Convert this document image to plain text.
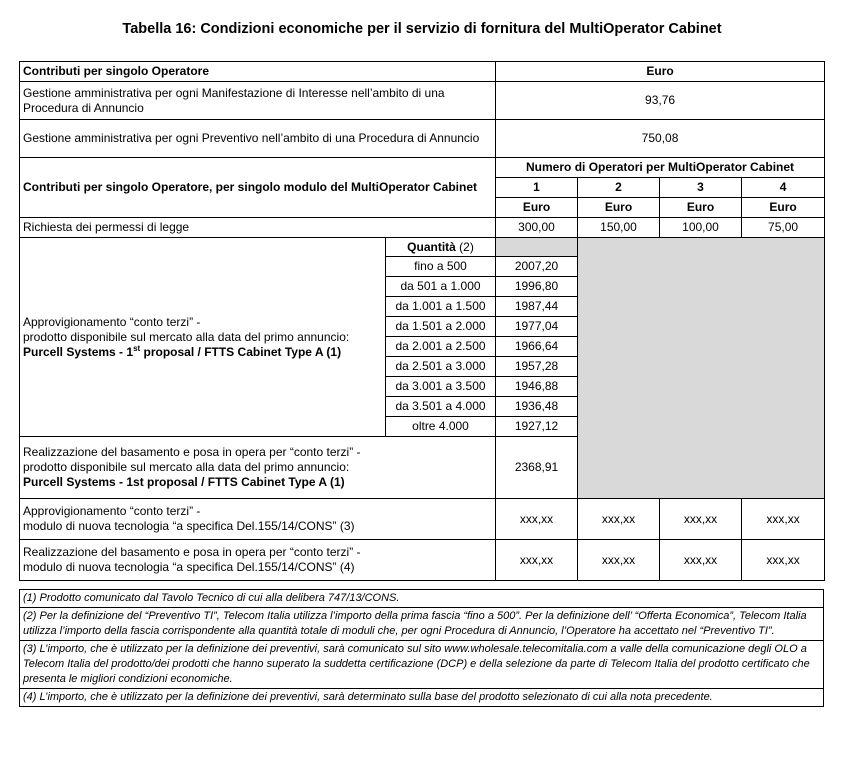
Tabella 16: Condizioni economiche per il servizio di fornitura del MultiOperator Cabinet
Contributi per singolo Operatore		Euro			
Gestione amministrativa per ogni Manifestazione di Interesse nell’ambito di una Procedura di Annuncio		93,76			
Gestione amministrativa per ogni Preventivo nell’ambito di una Procedura di Annuncio		750,08			
Contributi per singolo Operatore, per singolo modulo del MultiOperator Cabinet		Numero di Operatori per MultiOperator Cabinet			
		1	2	3	4
		Euro	Euro	Euro	Euro
Richiesta dei permessi di legge		300,00	150,00	100,00	75,00
Approvigionamento “conto terzi” -
prodotto disponibile sul mercato alla data del primo annuncio:
Purcell Systems - 1st proposal / FTTS Cabinet Type A (1)	Quantità (2)				
	fino a 500	2007,20			
	da 501 a 1.000	1996,80			
	da 1.001 a 1.500	1987,44			
	da 1.501 a 2.000	1977,04			
	da 2.001 a 2.500	1966,64			
	da 2.501 a 3.000	1957,28			
	da 3.001 a 3.500	1946,88			
	da 3.501 a 4.000	1936,48			
	oltre 4.000	1927,12			
Realizzazione del basamento e posa in opera per “conto terzi” -
prodotto disponibile sul mercato alla data del primo annuncio:
Purcell Systems - 1st proposal / FTTS Cabinet Type A (1)		2368,91			
Approvigionamento “conto terzi” -
modulo di nuova tecnologia “a specifica Del.155/14/CONS” (3)		xxx,xx	xxx,xx	xxx,xx	xxx,xx
Realizzazione del basamento e posa in opera per “conto terzi” -
modulo di nuova tecnologia “a specifica Del.155/14/CONS” (4)		xxx,xx	xxx,xx	xxx,xx	xxx,xx
(1) Prodotto comunicato dal Tavolo Tecnico di cui alla delibera 747/13/CONS.
(2) Per la definizione del “Preventivo TI”, Telecom Italia utilizza l’importo della prima fascia “fino a 500”. Per la definizione dell’ “Offerta Economica”, Telecom Italia utilizza l’importo della fascia corrispondente alla quantità totale di moduli che, per ogni Procedura di Annuncio, l’Operatore ha accettato nel “Preventivo TI”.
(3) L’importo, che è utilizzato per la definizione dei preventivi, sarà comunicato sul sito www.wholesale.telecomitalia.com a valle della comunicazione degli OLO a Telecom Italia del prodotto/dei prodotti che hanno superato la suddetta certificazione (DCP) e della selezione da parte di Telecom Italia del prodotto certificato che presenta le migliori condizioni economiche.
(4) L’importo, che è utilizzato per la definizione dei preventivi, sarà determinato sulla base del prodotto selezionato di cui alla nota precedente.
